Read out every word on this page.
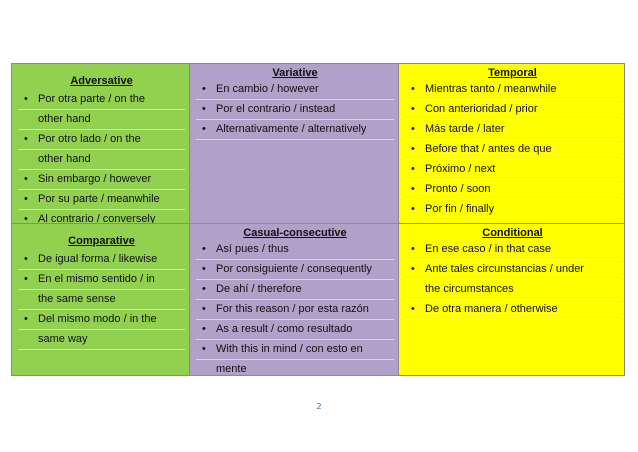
Adversative
• Por otra parte / on the
other hand
• Por otro lado / on the
other hand
• Sin embargo / however
• Por su parte / meanwhile
• Al contrario / conversely
Variative
• En cambio / however
• Por el contrario / instead
• Alternativamente / alternatively
Temporal
• Mientras tanto / meanwhile
• Con anterioridad / prior
• Más tarde / later
• Before that / antes de que
• Próximo / next
• Pronto / soon
• Por fin / finally
Comparative
• De igual forma / likewise
• En el mismo sentido / in
the same sense
• Del mismo modo / in the
same way
Casual-consecutive
• Así pues / thus
• Por consiguiente / consequently
• De ahí / therefore
• For this reason / por esta razón
• As a result / como resultado
• With this in mind / con esto en
mente
Conditional
• En ese caso / in that case
• Ante tales circunstancias / under
the circumstances
• De otra manera / otherwise
2
